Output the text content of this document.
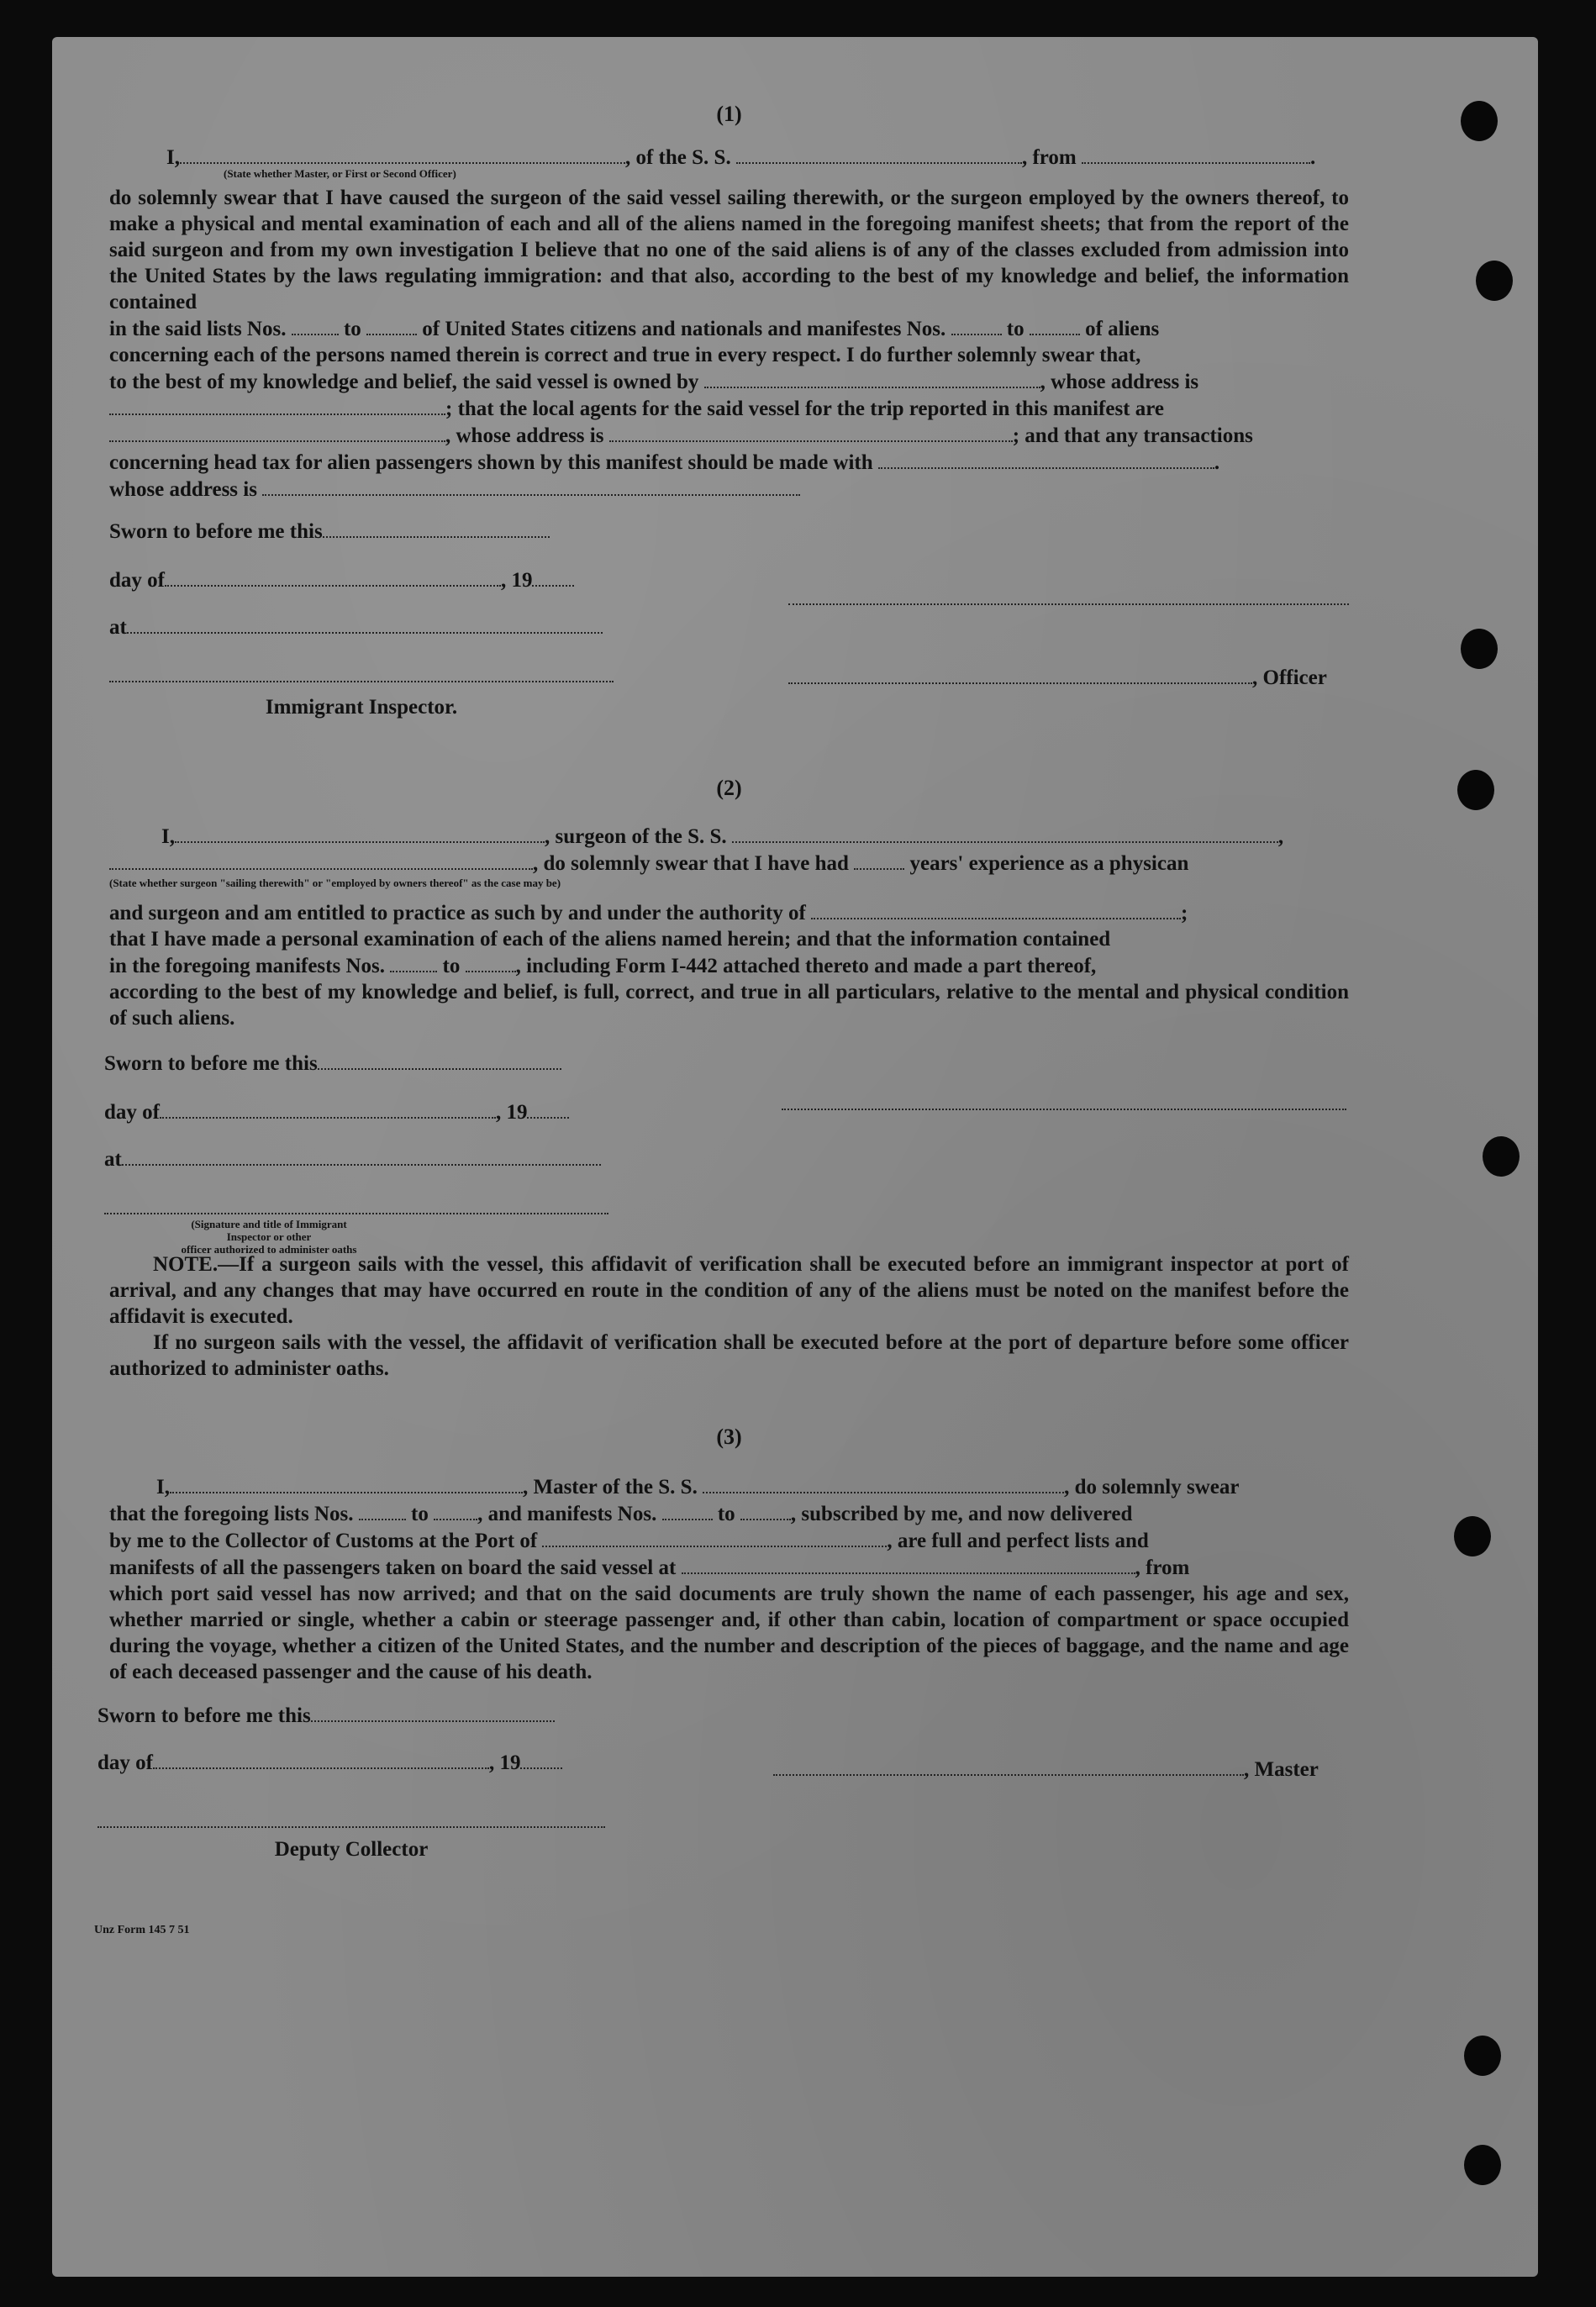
(1)
I,	, of the S. S.	, from	.
(State whether Master, or First or Second Officer)

do solemnly swear that I have caused the surgeon of the said vessel sailing therewith, or the surgeon employed by the owners thereof, to make a physical and mental examination of each and all of the aliens named in the foregoing manifest sheets; that from the report of the said surgeon and from my own investigation I believe that no one of the said aliens is of any of the classes excluded from admission into the United States by the laws regulating immigration: and that also, according to the best of my knowledge and belief, the information contained

in the said lists Nos.	to	of United States citizens and nationals and manifestes Nos.	to	of aliens

concerning each of the persons named therein is correct and true in every respect. I do further solemnly swear that,

to the best of my knowledge and belief, the said vessel is owned by	, whose address is
; that the local agents for the said vessel for the trip reported in this manifest are
, whose address is	; and that any transactions
concerning head tax for alien passengers shown by this manifest should be made with	.
whose address is
Sworn to before me this
day of	, 19
at
, Officer
Immigrant Inspector.
(2)
I,	, surgeon of the S. S.	,
, do solemnly swear that I have had	years' experience as a physican
(State whether surgeon "sailing therewith" or "employed by owners thereof" as the case may be)
and surgeon and am entitled to practice as such by and under the authority of	;

that I have made a personal examination of each of the aliens named herein; and that the information contained

in the foregoing manifests Nos.	to	, including Form I-442 attached thereto and made a part thereof,

according to the best of my knowledge and belief, is full, correct, and true in all particulars, relative to the mental and physical condition of such aliens.

Sworn to before me this
day of	, 19
at
(Signature and title of Immigrant Inspector or other
officer authorized to administer oaths

NOTE.—If a surgeon sails with the vessel, this affidavit of verification shall be executed before an immigrant inspector at port of arrival, and any changes that may have occurred en route in the condition of any of the aliens must be noted on the manifest before the affidavit is executed.

If no surgeon sails with the vessel, the affidavit of verification shall be executed before at the port of departure before some officer authorized to administer oaths.

(3)
I,	, Master of the S. S.	, do solemnly swear
that the foregoing lists Nos.	to , and manifests Nos.	to	, subscribed by me, and now delivered
by me to the Collector of Customs at the Port of	, are full and perfect lists and
manifests of all the passengers taken on board the said vessel at	, from

which port said vessel has now arrived; and that on the said documents are truly shown the name of each passenger, his age and sex, whether married or single, whether a cabin or steerage passenger and, if other than cabin, location of compartment or space occupied during the voyage, whether a citizen of the United States, and the number and description of the pieces of baggage, and the name and age of each deceased passenger and the cause of his death.

Sworn to before me this
day of	, 19	, Master
Deputy Collector
Unz Form 145 7 51
